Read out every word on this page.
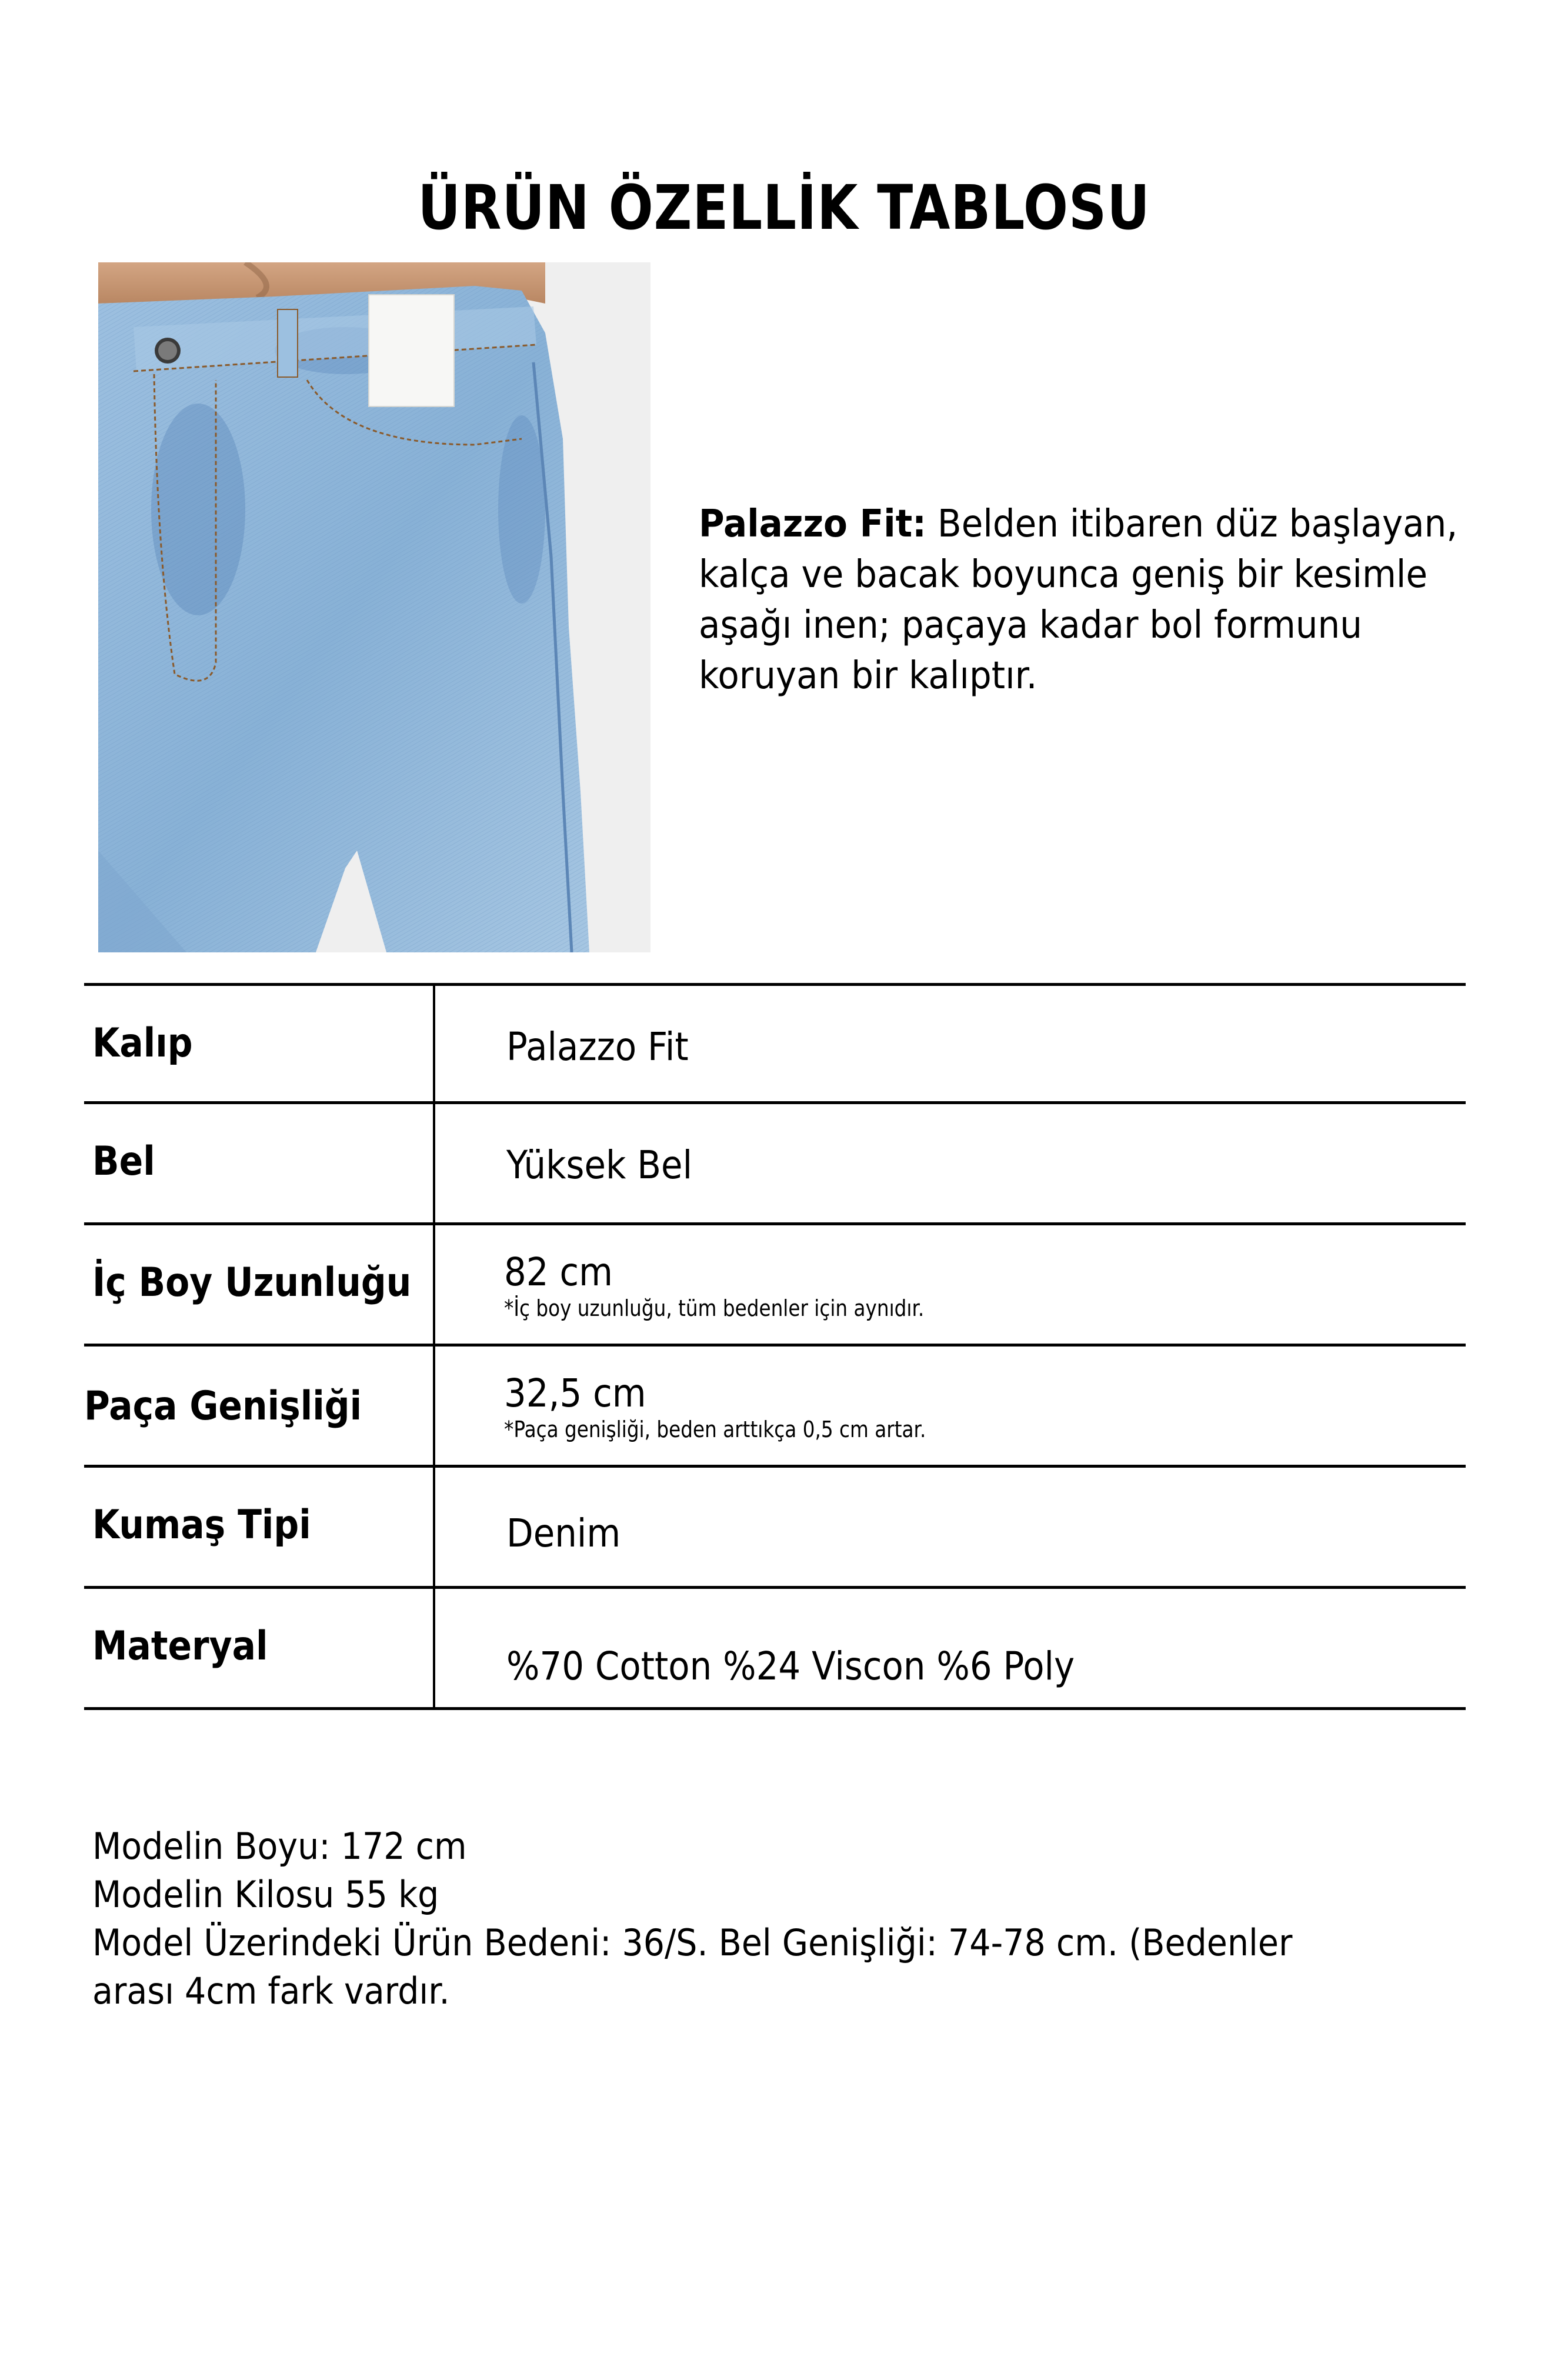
ÜRÜN ÖZELLİK TABLOSU
Palazzo Fit: Belden itibaren düz başlayan, kalça ve bacak boyunca geniş bir kesimle aşağı inen; paçaya kadar bol formunu koruyan bir kalıptır.
Kalıp	Palazzo Fit
Bel	Yüksek Bel
İç Boy Uzunluğu 82 cm
*İç boy uzunluğu, tüm bedenler için aynıdır.
Paça Genişliği	32,5 cm
*Paça genişliği, beden arttıkça 0,5 cm artar.
Kumaş Tipi	Denim
Materyal	%70 Cotton %24 Viscon %6 Poly
Modelin Boyu: 172 cm
Modelin Kilosu 55 kg
Model Üzerindeki Ürün Bedeni: 36/S. Bel Genişliği: 74-78 cm. (Bedenler
arası 4cm fark vardır.
